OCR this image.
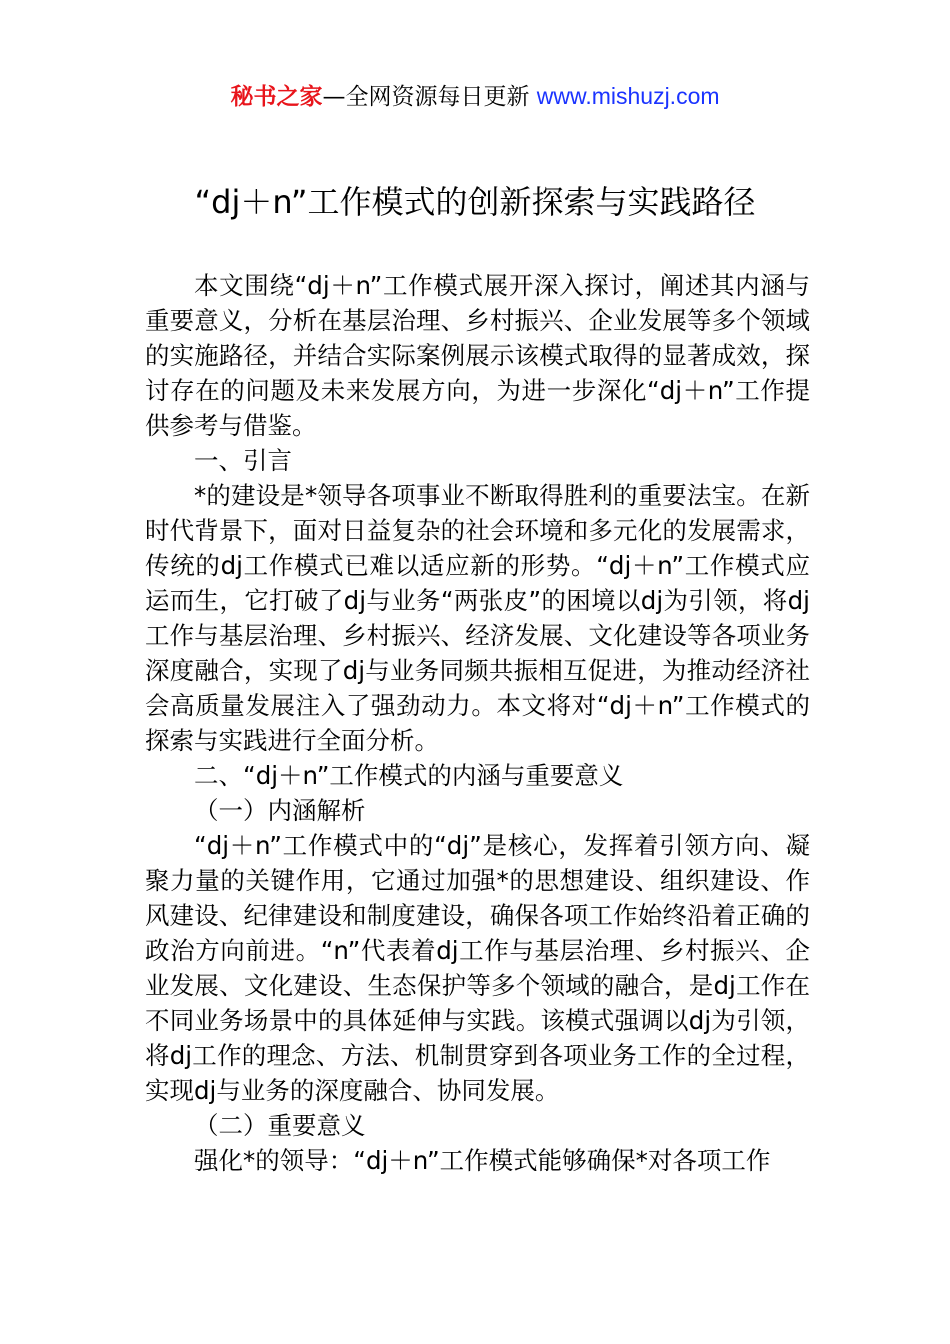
秘书之家—全网资源每日更新 www.mishuzj.com
“dj＋n”工作模式的创新探索与实践路径

本文围绕“dj＋n”工作模式展开深入探讨，阐述其内涵与重要意义，分析在基层治理、乡村振兴、企业发展等多个领域的实施路径，并结合实际案例展示该模式取得的显著成效，探讨存在的问题及未来发展方向，为进一步深化“dj＋n”工作提供参考与借鉴。

一、引言

*的建设是*领导各项事业不断取得胜利的重要法宝。在新时代背景下，面对日益复杂的社会环境和多元化的发展需求，传统的dj工作模式已难以适应新的形势。“dj＋n”工作模式应运而生，它打破了dj与业务“两张皮”的困境以dj为引领，将dj工作与基层治理、乡村振兴、经济发展、文化建设等各项业务深度融合，实现了dj与业务同频共振相互促进，为推动经济社会高质量发展注入了强劲动力。本文将对“dj＋n”工作模式的探索与实践进行全面分析。

二、“dj＋n”工作模式的内涵与重要意义

（一）内涵解析

“dj＋n”工作模式中的“dj”是核心，发挥着引领方向、凝聚力量的关键作用，它通过加强*的思想建设、组织建设、作风建设、纪律建设和制度建设，确保各项工作始终沿着正确的政治方向前进。“n”代表着dj工作与基层治理、乡村振兴、企业发展、文化建设、生态保护等多个领域的融合，是dj工作在不同业务场景中的具体延伸与实践。该模式强调以dj为引领，将dj工作的理念、方法、机制贯穿到各项业务工作的全过程，实现dj与业务的深度融合、协同发展。

（二）重要意义

强化*的领导：“dj＋n”工作模式能够确保*对各项工作
